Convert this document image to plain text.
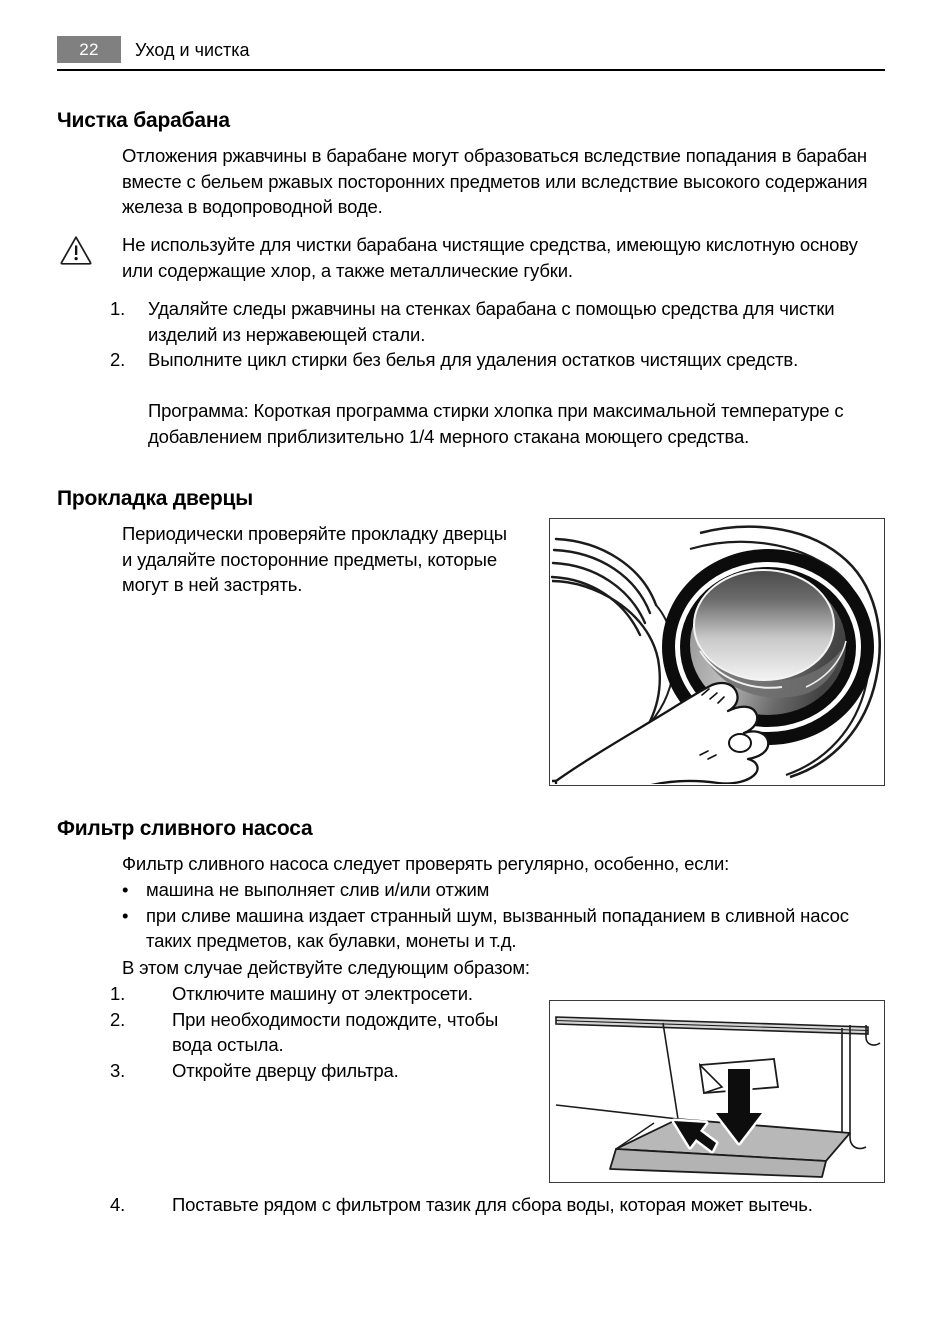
22	Уход и чистка
Чистка барабана

Отложения ржавчины в барабане могут образоваться вследствие попадания в барабан вместе с бельем ржавых посторонних предметов или вследствие высокого содержания железа в водопроводной воде.

Не используйте для чистки барабана чистящие средства, имеющую кислотную основу или содержащие хлор, а также металлические губки.

1.	Удаляйте следы ржавчины на стенках барабана с помощью средства для чистки изделий из нержавеющей стали.
2.	Выполните цикл стирки без белья для удаления остатков чистящих средств.

Программа: Короткая программа стирки хлопка при максимальной температуре с добавлением приблизительно 1/4 мерного стакана моющего средства.

Прокладка дверцы

Периодически проверяйте прокладку дверцы и удаляйте посторонние предметы, которые могут в ней застрять.

Фильтр сливного насоса

Фильтр сливного насоса следует проверять регулярно, особенно, если:

• машина не выполняет слив и/или отжим
• при сливе машина издает странный шум, вызванный попаданием в сливной насос таких предметов, как булавки, монеты и т.д.

В этом случае действуйте следующим образом:

1.	Отключите машину от электросети.
2.	При необходимости подождите, чтобы вода остыла.
3.	Откройте дверцу фильтра.
4.	Поставьте рядом с фильтром тазик для сбора воды, которая может вытечь.
